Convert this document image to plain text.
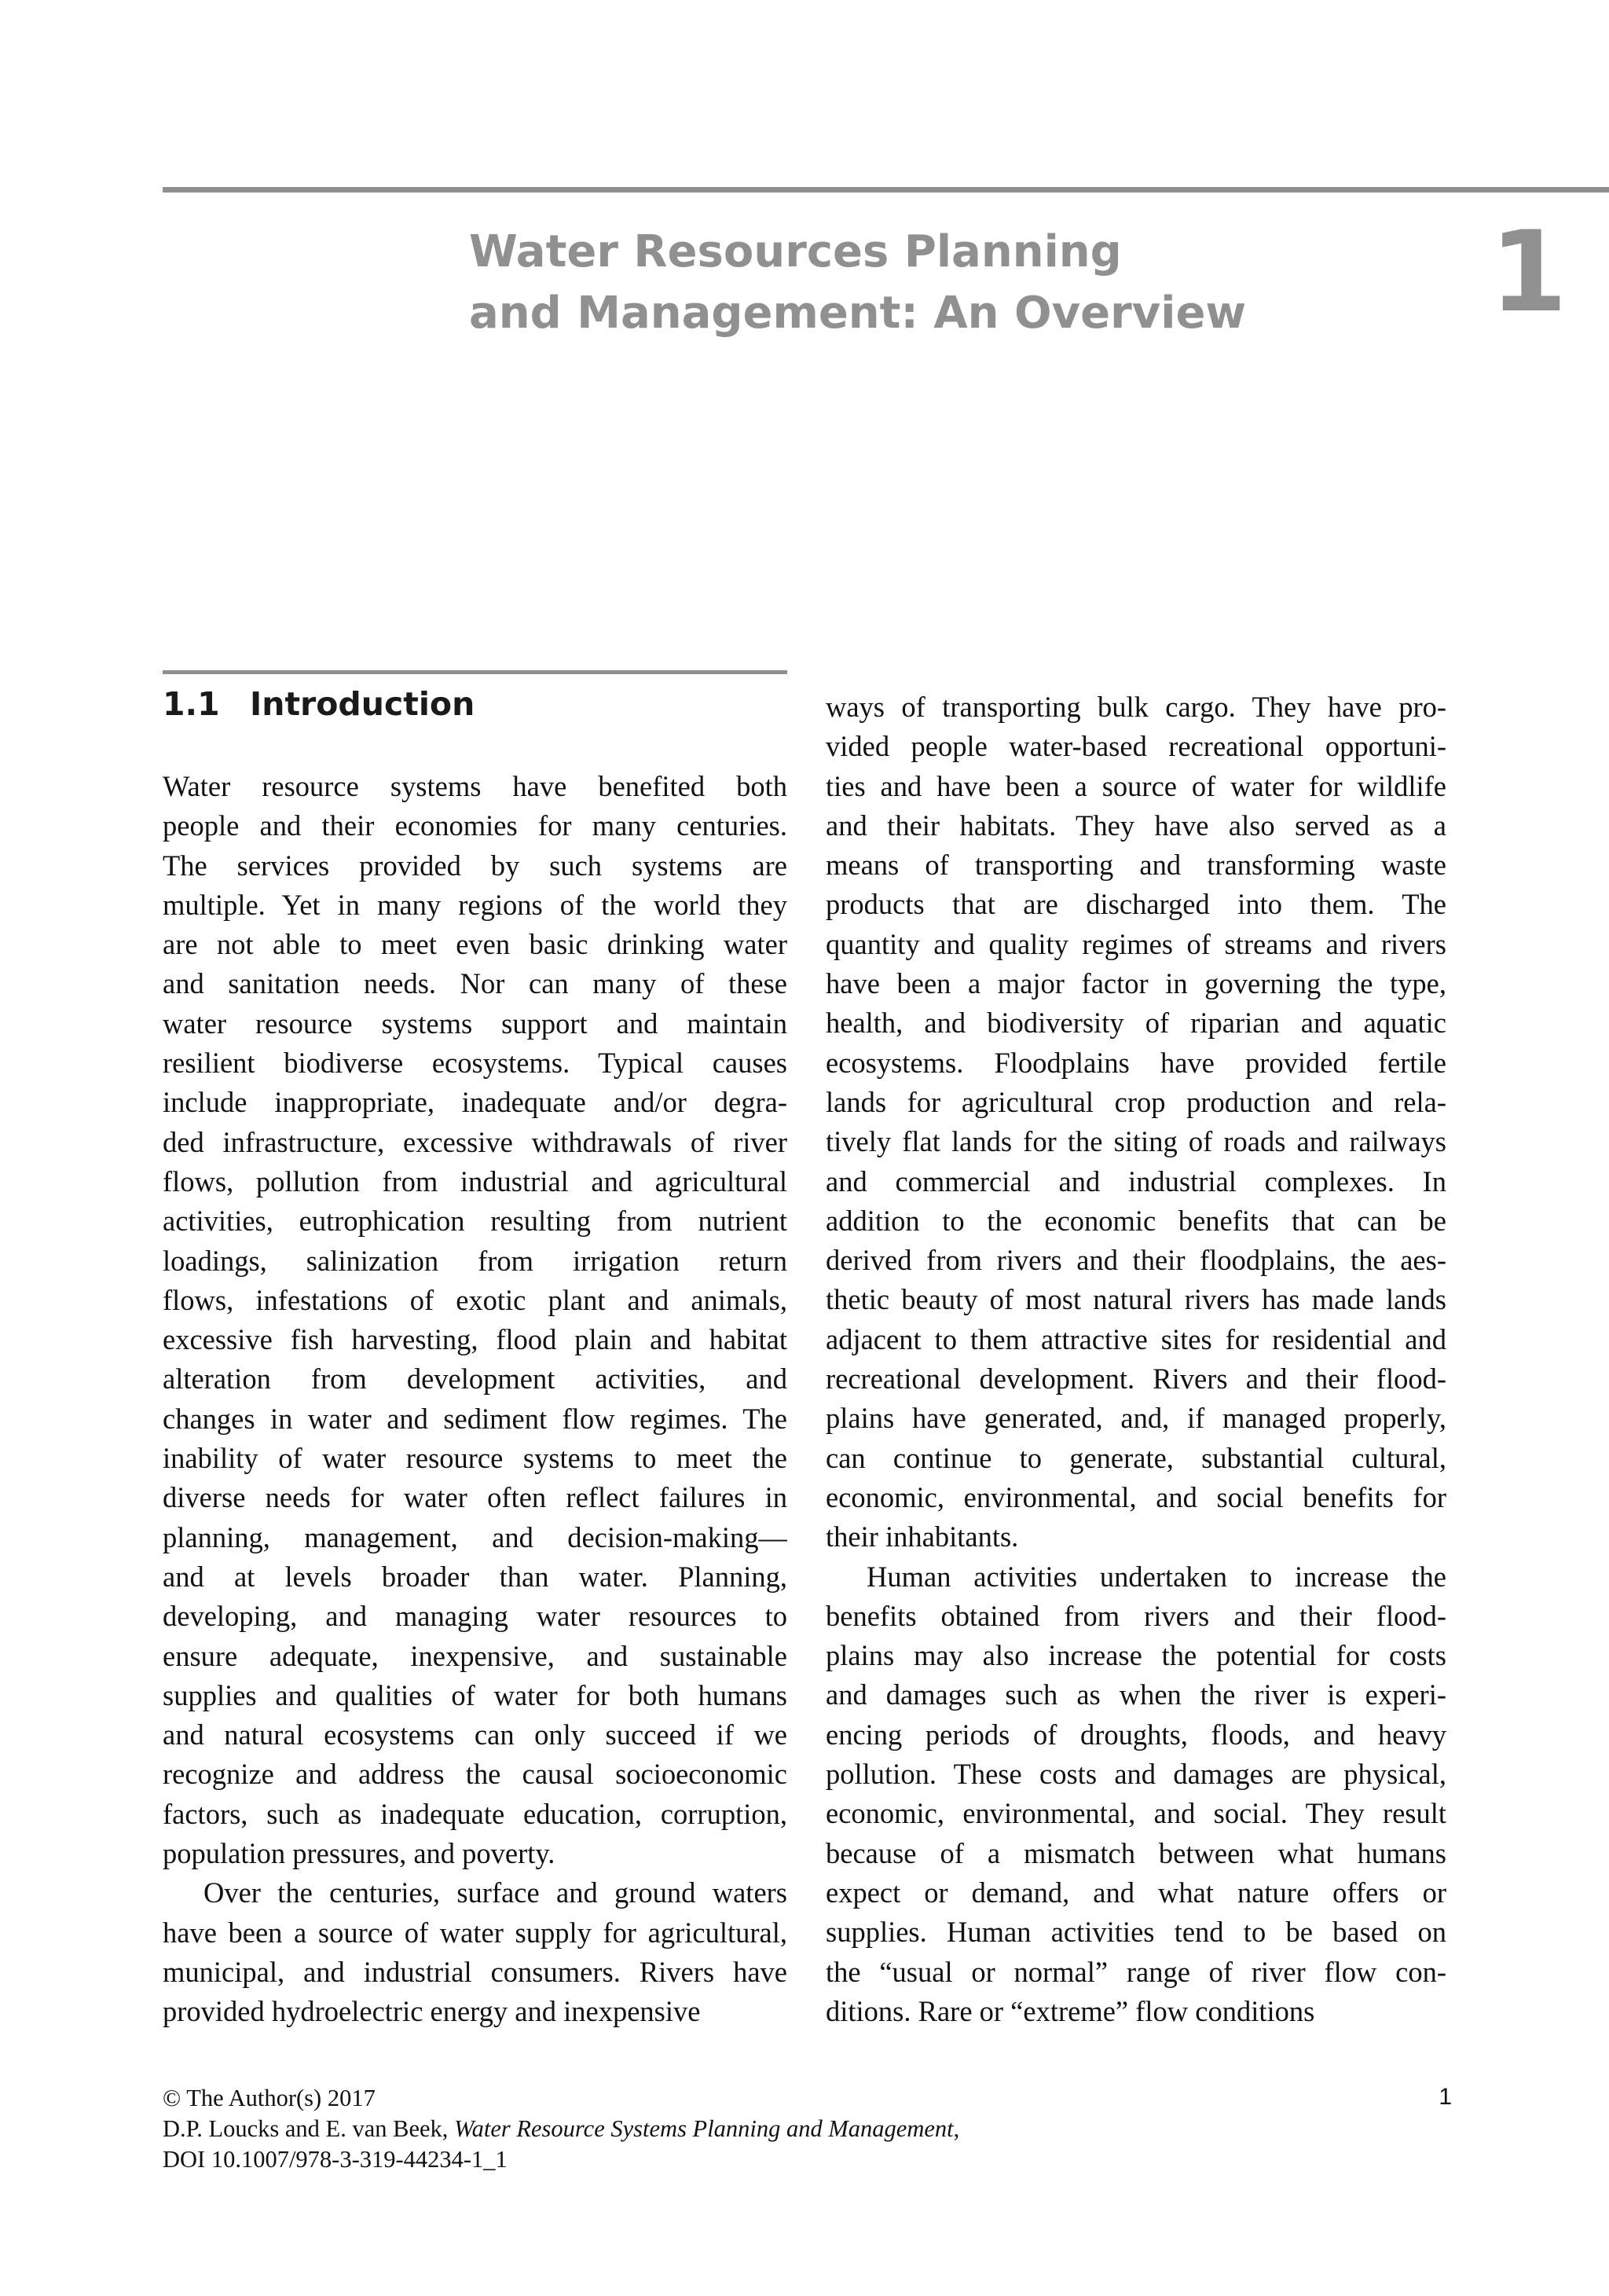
Water Resources Planning
and Management: An Overview	1
1.1 Introduction
Water resource systems have benefited both
people and their economies for many centuries.
The services provided by such systems are
multiple. Yet in many regions of the world they
are not able to meet even basic drinking water
and sanitation needs. Nor can many of these
water resource systems support and maintain
resilient biodiverse ecosystems. Typical causes
include inappropriate, inadequate and/or degra-
ded infrastructure, excessive withdrawals of river
flows, pollution from industrial and agricultural
activities, eutrophication resulting from nutrient
loadings, salinization from irrigation return
flows, infestations of exotic plant and animals,
excessive fish harvesting, flood plain and habitat
alteration from development activities, and
changes in water and sediment flow regimes. The
inability of water resource systems to meet the
diverse needs for water often reflect failures in
planning, management, and decision-making—
and at levels broader than water. Planning,
developing, and managing water resources to
ensure adequate, inexpensive, and sustainable
supplies and qualities of water for both humans
and natural ecosystems can only succeed if we
recognize and address the causal socioeconomic
factors, such as inadequate education, corruption,
population pressures, and poverty.
Over the centuries, surface and ground waters
have been a source of water supply for agricultural,
municipal, and industrial consumers. Rivers have
provided hydroelectric energy and inexpensive
ways of transporting bulk cargo. They have pro-
vided people water-based recreational opportuni-
ties and have been a source of water for wildlife
and their habitats. They have also served as a
means of transporting and transforming waste
products that are discharged into them. The
quantity and quality regimes of streams and rivers
have been a major factor in governing the type,
health, and biodiversity of riparian and aquatic
ecosystems. Floodplains have provided fertile
lands for agricultural crop production and rela-
tively flat lands for the siting of roads and railways
and commercial and industrial complexes. In
addition to the economic benefits that can be
derived from rivers and their floodplains, the aes-
thetic beauty of most natural rivers has made lands
adjacent to them attractive sites for residential and
recreational development. Rivers and their flood-
plains have generated, and, if managed properly,
can continue to generate, substantial cultural,
economic, environmental, and social benefits for
their inhabitants.
Human activities undertaken to increase the
benefits obtained from rivers and their flood-
plains may also increase the potential for costs
and damages such as when the river is experi-
encing periods of droughts, floods, and heavy
pollution. These costs and damages are physical,
economic, environmental, and social. They result
because of a mismatch between what humans
expect or demand, and what nature offers or
supplies. Human activities tend to be based on
the “usual or normal” range of river flow con-
ditions. Rare or “extreme” flow conditions
© The Author(s) 2017
D.P. Loucks and E. van Beek, Water Resource Systems Planning and Management,
DOI 10.1007/978-3-319-44234-1_1
1
